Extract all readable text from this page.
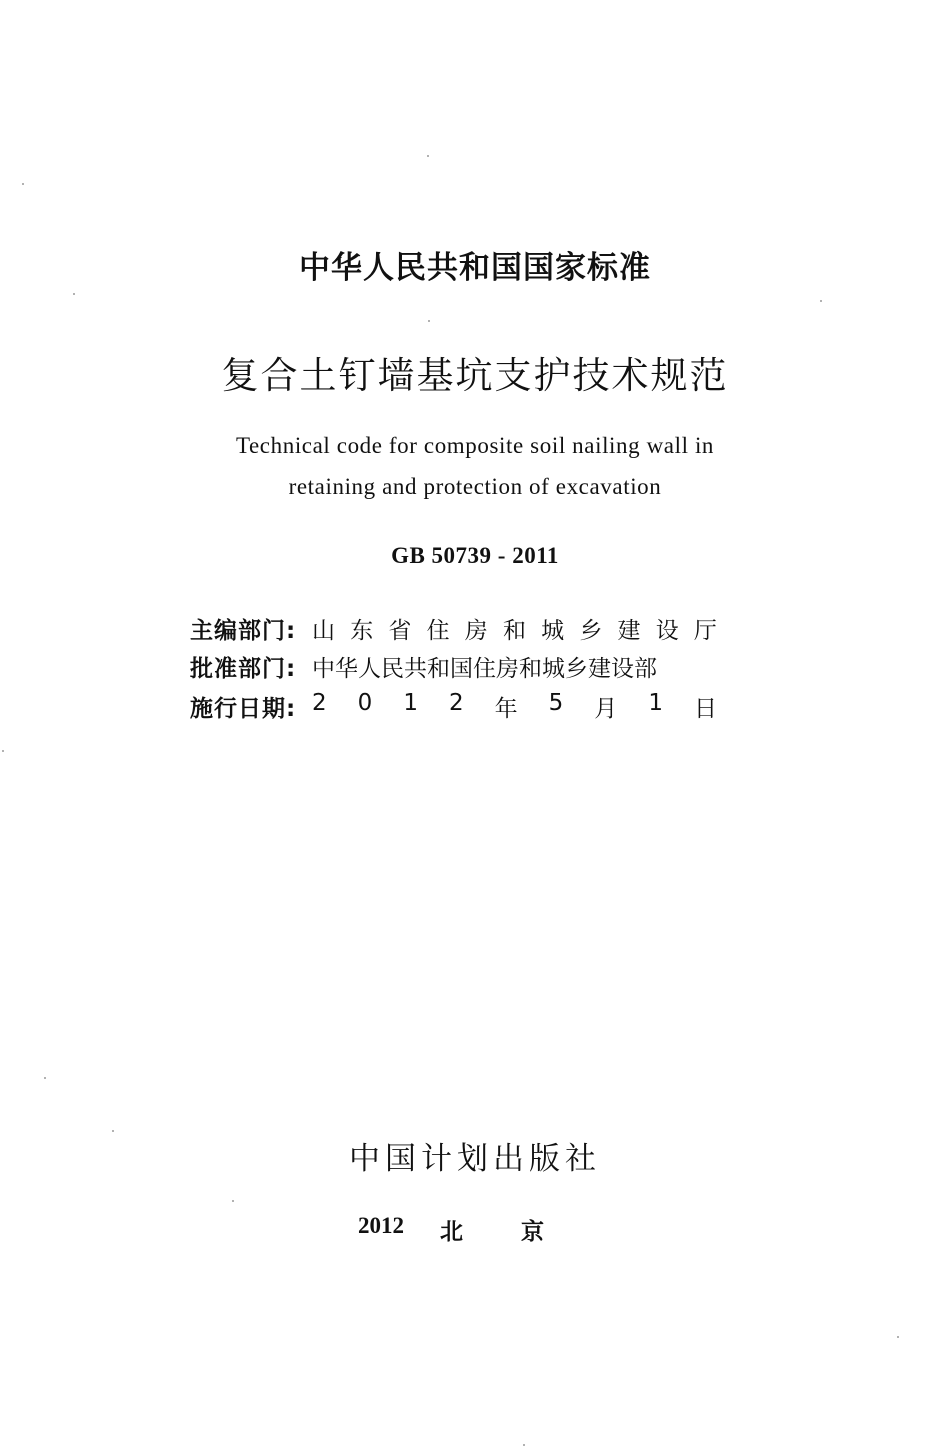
中华人民共和国国家标准
复合土钉墙基坑支护技术规范
Technical code for composite soil nailing wall in
retaining and protection of excavation
GB 50739 - 2011
主编部门: 山 东 省 住 房 和 城 乡 建 设 厅
批准部门: 中华人民共和国住房和城乡建设部
施行日期: 2 0 1 2 年 5 月 1 日
中国计划出版社
2012 北	京
